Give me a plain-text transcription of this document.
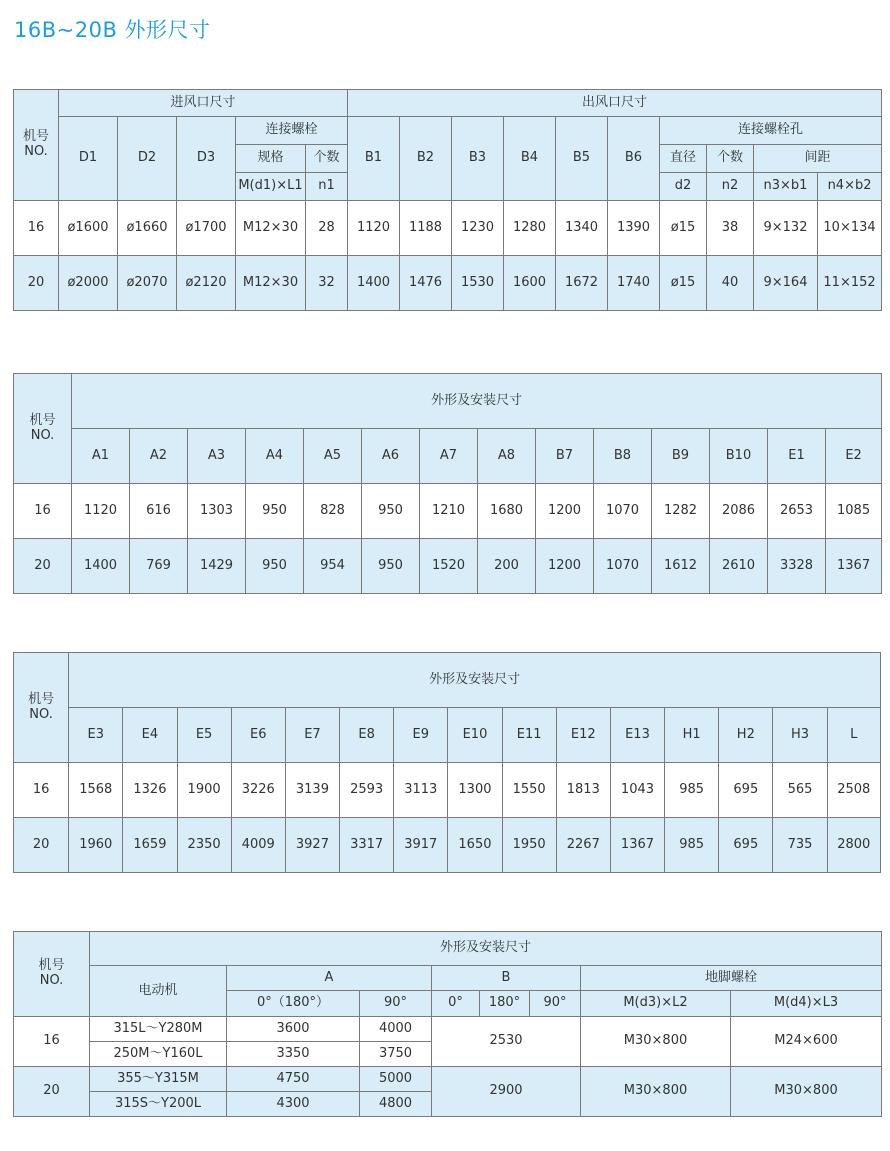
16B~20B 外形尺寸
机号
NO.	进风口尺寸					出风口尺寸									
	D1	D2	D3	连接螺栓		B1	B2	B3	B4	B5	B6	连接螺栓孔			
				规格	个数							直径	个数	间距	
				M(d1)×L1	n1							d2	n2	n3×b1	n4×b2
16	ø1600	ø1660	ø1700	M12×30	28	1120	1188	1230	1280	1340	1390	ø15	38	9×132	10×134
20	ø2000	ø2070	ø2120	M12×30	32	1400	1476	1530	1600	1672	1740	ø15	40	9×164	11×152
机号
NO.	外形及安装尺寸													
	A1	A2	A3	A4	A5	A6	A7	A8	B7	B8	B9	B10	E1	E2
16	1120	616	1303	950	828	950	1210	1680	1200	1070	1282	2086	2653	1085
20	1400	769	1429	950	954	950	1520	200	1200	1070	1612	2610	3328	1367
机号
NO.	外形及安装尺寸														
	E3	E4	E5	E6	E7	E8	E9	E10	E11	E12	E13	H1	H2	H3	L
16	1568	1326	1900	3226	3139	2593	3113	1300	1550	1813	1043	985	695	565	2508
20	1960	1659	2350	4009	3927	3317	3917	1650	1950	2267	1367	985	695	735	2800
机号
NO.	外形及安装尺寸							
	电动机	A		B			地脚螺栓	
		0°（180°）	90°	0°	180°	90°	M(d3)×L2	M(d4)×L3
16	315L～Y280M	3600	4000	2530			M30×800	M24×600
	250M～Y160L	3350	3750					
20	355～Y315M	4750	5000	2900			M30×800	M30×800
	315S～Y200L	4300	4800					
